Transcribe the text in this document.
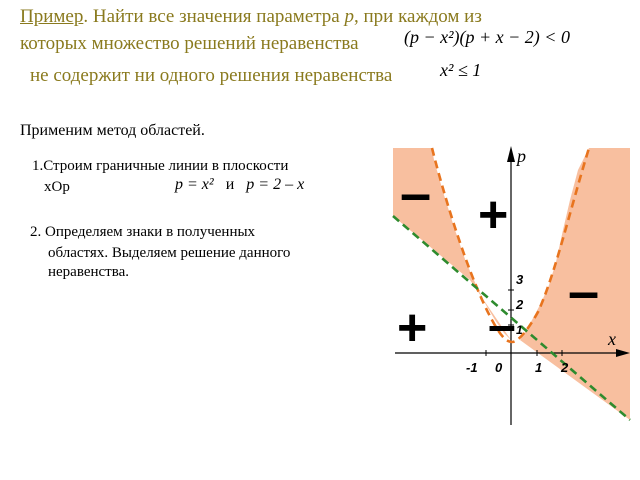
Пример. Найти все значения параметра p, при каждом из
которых множество решений неравенства
не содержит ни одного решения неравенства
(p − x²)(p + x − 2) < 0
x² ≤ 1
Применим метод областей.
1.Строим граничные линии в плоскости
xOp	p = x² и p = 2 – x
2. Определяем знаки в полученных
областях. Выделяем решение данного
неравенства.
p
x
-1 0	1 2
1
2
3
– +
–
–
+
